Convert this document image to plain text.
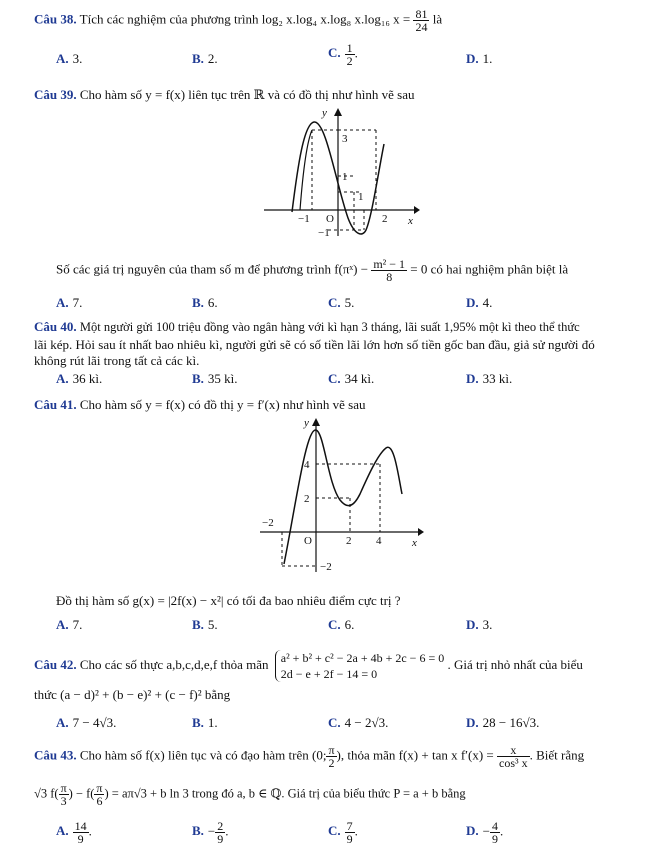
Câu 38. Tích các nghiệm của phương trình log₂ x.log₄ x.log₈ x.log₁₆ $x = \frac{81}{24}$ là
A. 3.	B. 2.	C. $\frac{1}{2}$ .	D. 1.
Câu 39. Cho hàm số y = f(x) liên tục trên ℝ và có đồ thị như hình vẽ sau
y
x
3
1
1
−1 O	2
−1
Số các giá trị nguyên của tham số m để phương trình f(πˣ) − $\frac{\text{m² − 1}}{8} = 0$ có hai nghiệm phân biệt là
A. 7.	B. 6.	C. 5.	D. 4.
Câu 40. Một người gửi 100 triệu đồng vào ngân hàng với kì hạn 3 tháng, lãi suất 1,95% một kì theo thể thức
lãi kép. Hỏi sau ít nhất bao nhiêu kì, người gửi sẽ có số tiền lãi lớn hơn số tiền gốc ban đầu, giả sử người đó
không rút lãi trong tất cả các kì.
A. 36 kì.	B. 35 kì.	C. 34 kì.	D. 33 kì.
Câu 41. Cho hàm số y = f(x) có đồ thị y = f′(x) như hình vẽ sau
y
x
4
2
−2
O	2 4
−2
Đồ thị hàm số g(x) = |2f(x) − x²| có tối đa bao nhiêu điểm cực trị ?
A. 7.	B. 5.	C. 6.	D. 3.
Câu 42. Cho các số thực a,b,c,d,e,f thỏa mãn a² + b² + c² − 2a + 4b + 2c − 6 = 0
2d − e + 2f − 14 = 0
. Giá trị nhỏ nhất của biểu
thức (a − d)² + (b − e)² + (c − f)² bằng
A. 7 − 4√3.	B. 1.	C. 4 − 2√3.	D. 28 − 16√3.
Câu 43. Cho hàm số f(x) liên tục và có đạo hàm trên (0; $\frac{\pi}{2}$ ), thỏa mãn f(x) + tan x $f'(x) = \frac{x}{\text{cos³ x}}$ . Biết rằng
√3 $f( \frac{\pi}{3}$ ) − $f( \frac{\pi}{6}$ ) = aπ√3 + b ln 3 trong đó a, b ∈ ℚ. Giá trị của biểu thức P = a + b bằng
A. $\frac{14}{9}$ .	B. − $\frac{2}{9}$ .	C. $\frac{7}{9}$ .	D. − $\frac{4}{9}$ .
